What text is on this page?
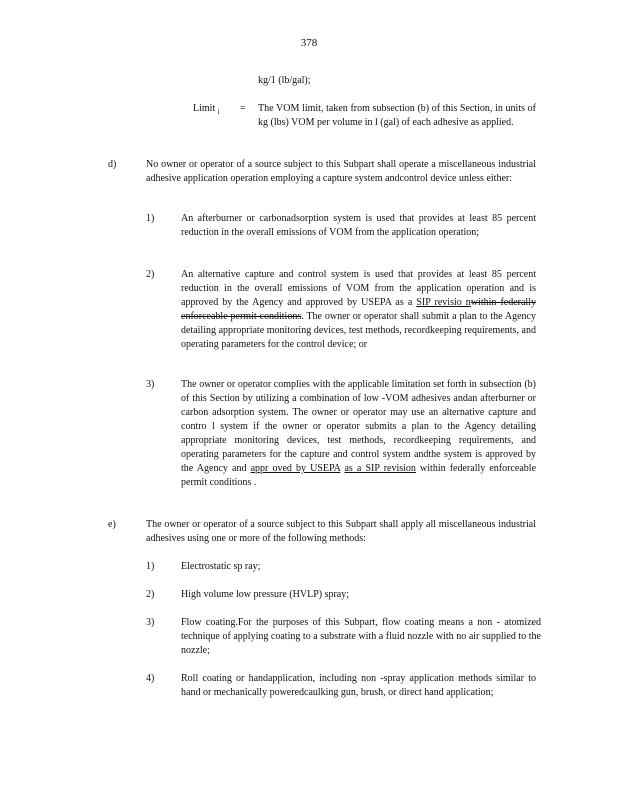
378
kg/1 (lb/gal);
Limit $_i$ = The VOM limit, taken from subsection (b) of this Section, in units of kg (lbs) VOM per volume in l (gal) of each adhesive as applied.
d)	No owner or operator of a source subject to this Subpart shall operate a miscellaneous industrial adhesive application operation employing a capture system andcontrol device unless either:
1)	An afterburner or carbonadsorption system is used that provides at least 85 percent reduction in the overall emissions of VOM from the application operation;
2)	An alternative capture and control system is used that provides at least 85 percent reduction in the overall emissions of VOM from the application operation and is approved by the Agency and approved by USEPA as a SIP revisio nwithin federally enforceable permit conditions. The owner or operator shall submit a plan to the Agency detailing appropriate monitoring devices, test methods, recordkeeping requirements, and operating parameters for the control device; or
3)	The owner or operator complies with the applicable limitation set forth in subsection (b) of this Section by utilizing a combination of low -VOM adhesives andan afterburner or carbon adsorption system. The owner or operator may use an alternative capture and contro l system if the owner or operator submits a plan to the Agency detailing appropriate monitoring devices, test methods, recordkeeping requirements, and operating parameters for the capture and control system andthe system is approved by the Agency and appr oved by USEPA as a SIP revision within federally enforceable permit conditions .
e)	The owner or operator of a source subject to this Subpart shall apply all miscellaneous industrial adhesives using one or more of the following methods:
1)	Electrostatic sp ray;
2)	High volume low pressure (HVLP) spray;
3)	Flow coating.For the purposes of this Subpart, flow coating means a non - atomized technique of applying coating to a substrate with a fluid nozzle with no air supplied to the nozzle;
4)	Roll coating or handapplication, including non -spray application methods similar to hand or mechanically poweredcaulking gun, brush, or direct hand application;
